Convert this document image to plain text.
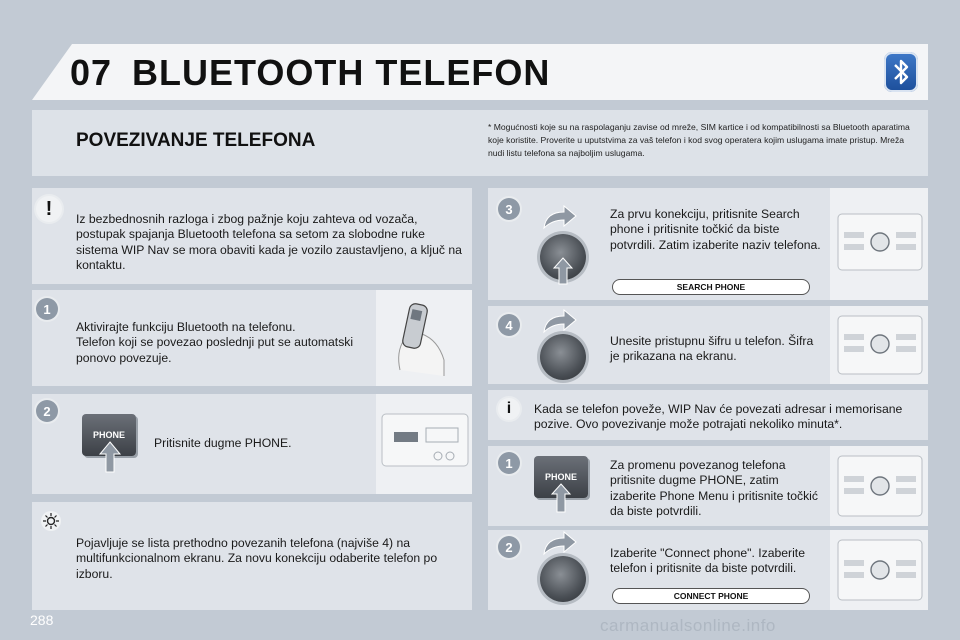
07 BLUETOOTH TELEFON
POVEZIVANJE TELEFONA
* Mogućnosti koje su na raspolaganju zavise od mreže, SIM kartice i od kompatibilnosti sa Bluetooth aparatima koje koristite. Proverite u uputstvima za vaš telefon i kod svog operatera kojim uslugama imate pristup. Mreža nudi listu telefona sa najboljim uslugama.
!	Iz bezbednosnih razloga i zbog pažnje koju zahteva od vozača, postupak spajanja Bluetooth telefona sa setom za slobodne ruke sistema WIP Nav se mora obaviti kada je vozilo zaustavljeno, a ključ na kontaktu.
1
Aktivirajte funkciju Bluetooth na telefonu.
Telefon koji se povezao poslednji put se automatski ponovo povezuje.
2
PHONE
Pritisnite dugme PHONE.
Pojavljuje se lista prethodno povezanih telefona (najviše 4) na multifunkcionalnom ekranu. Za novu konekciju odaberite telefon po izboru.
3	Za prvu konekciju, pritisnite Search phone i pritisnite točkić da biste potvrdili. Zatim izaberite naziv telefona.
SEARCH PHONE
4
Unesite pristupnu šifru u telefon. Šifra je prikazana na ekranu.
i	Kada se telefon poveže, WIP Nav će povezati adresar i memorisane pozive. Ovo povezivanje može potrajati nekoliko minuta*.
1
PHONE
Za promenu povezanog telefona pritisnite dugme PHONE, zatim izaberite Phone Menu i pritisnite točkić da biste potvrdili.
2	Izaberite "Connect phone". Izaberite telefon i pritisnite da biste potvrdili.
CONNECT PHONE
288	carmanualsonline.info
